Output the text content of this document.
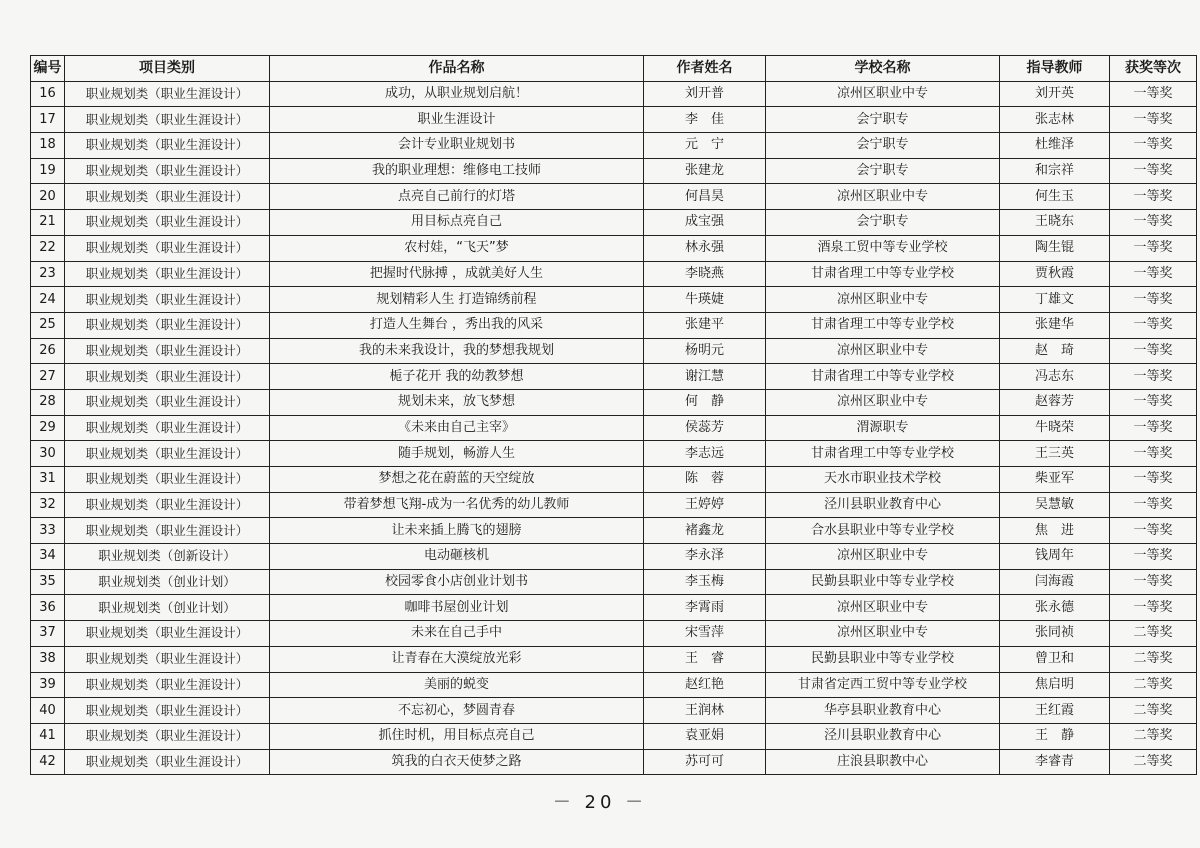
编号	项目类别	作品名称	作者姓名	学校名称	指导教师	获奖等次
16	职业规划类（职业生涯设计）	成功，从职业规划启航！	刘开普	凉州区职业中专	刘开英	一等奖
17	职业规划类（职业生涯设计）	职业生涯设计	李　佳	会宁职专	张志林	一等奖
18	职业规划类（职业生涯设计）	会计专业职业规划书	元　宁	会宁职专	杜维泽	一等奖
19	职业规划类（职业生涯设计）	我的职业理想：维修电工技师	张建龙	会宁职专	和宗祥	一等奖
20	职业规划类（职业生涯设计）	点亮自己前行的灯塔	何昌昊	凉州区职业中专	何生玉	一等奖
21	职业规划类（职业生涯设计）	用目标点亮自己	成宝强	会宁职专	王晓东	一等奖
22	职业规划类（职业生涯设计）	农村娃，“飞天”梦	林永强	酒泉工贸中等专业学校	陶生锟	一等奖
23	职业规划类（职业生涯设计）	把握时代脉搏 ，成就美好人生	李晓燕	甘肃省理工中等专业学校	贾秋霞	一等奖
24	职业规划类（职业生涯设计）	规划精彩人生 打造锦绣前程	牛瑛婕	凉州区职业中专	丁雄文	一等奖
25	职业规划类（职业生涯设计）	打造人生舞台 ，秀出我的风采	张建平	甘肃省理工中等专业学校	张建华	一等奖
26	职业规划类（职业生涯设计）	我的未来我设计，我的梦想我规划	杨明元	凉州区职业中专	赵　琦	一等奖
27	职业规划类（职业生涯设计）	栀子花开 我的幼教梦想	谢江慧	甘肃省理工中等专业学校	冯志东	一等奖
28	职业规划类（职业生涯设计）	规划未来，放飞梦想	何　静	凉州区职业中专	赵蓉芳	一等奖
29	职业规划类（职业生涯设计）	《未来由自己主宰》	侯蕊芳	渭源职专	牛晓荣	一等奖
30	职业规划类（职业生涯设计）	随手规划，畅游人生	李志远	甘肃省理工中等专业学校	王三英	一等奖
31	职业规划类（职业生涯设计）	梦想之花在蔚蓝的天空绽放	陈　蓉	天水市职业技术学校	柴亚军	一等奖
32	职业规划类（职业生涯设计）	带着梦想飞翔-成为一名优秀的幼儿教师	王婷婷	泾川县职业教育中心	吴慧敏	一等奖
33	职业规划类（职业生涯设计）	让未来插上腾飞的翅膀	褚鑫龙	合水县职业中等专业学校	焦　进	一等奖
34	职业规划类（创新设计）	电动砸核机	李永泽	凉州区职业中专	钱周年	一等奖
35	职业规划类（创业计划）	校园零食小店创业计划书	李玉梅	民勤县职业中等专业学校	闫海霞	一等奖
36	职业规划类（创业计划）	咖啡书屋创业计划	李霄雨	凉州区职业中专	张永德	一等奖
37	职业规划类（职业生涯设计）	未来在自己手中	宋雪萍	凉州区职业中专	张同祯	二等奖
38	职业规划类（职业生涯设计）	让青春在大漠绽放光彩	王　睿	民勤县职业中等专业学校	曾卫和	二等奖
39	职业规划类（职业生涯设计）	美丽的蜕变	赵红艳	甘肃省定西工贸中等专业学校	焦启明	二等奖
40	职业规划类（职业生涯设计）	不忘初心，梦圆青春	王润林	华亭县职业教育中心	王红霞	二等奖
41	职业规划类（职业生涯设计）	抓住时机，用目标点亮自己	袁亚娟	泾川县职业教育中心	王　静	二等奖
42	职业规划类（职业生涯设计）	筑我的白衣天使梦之路	苏可可	庄浪县职教中心	李睿青	二等奖
－ 20 －
